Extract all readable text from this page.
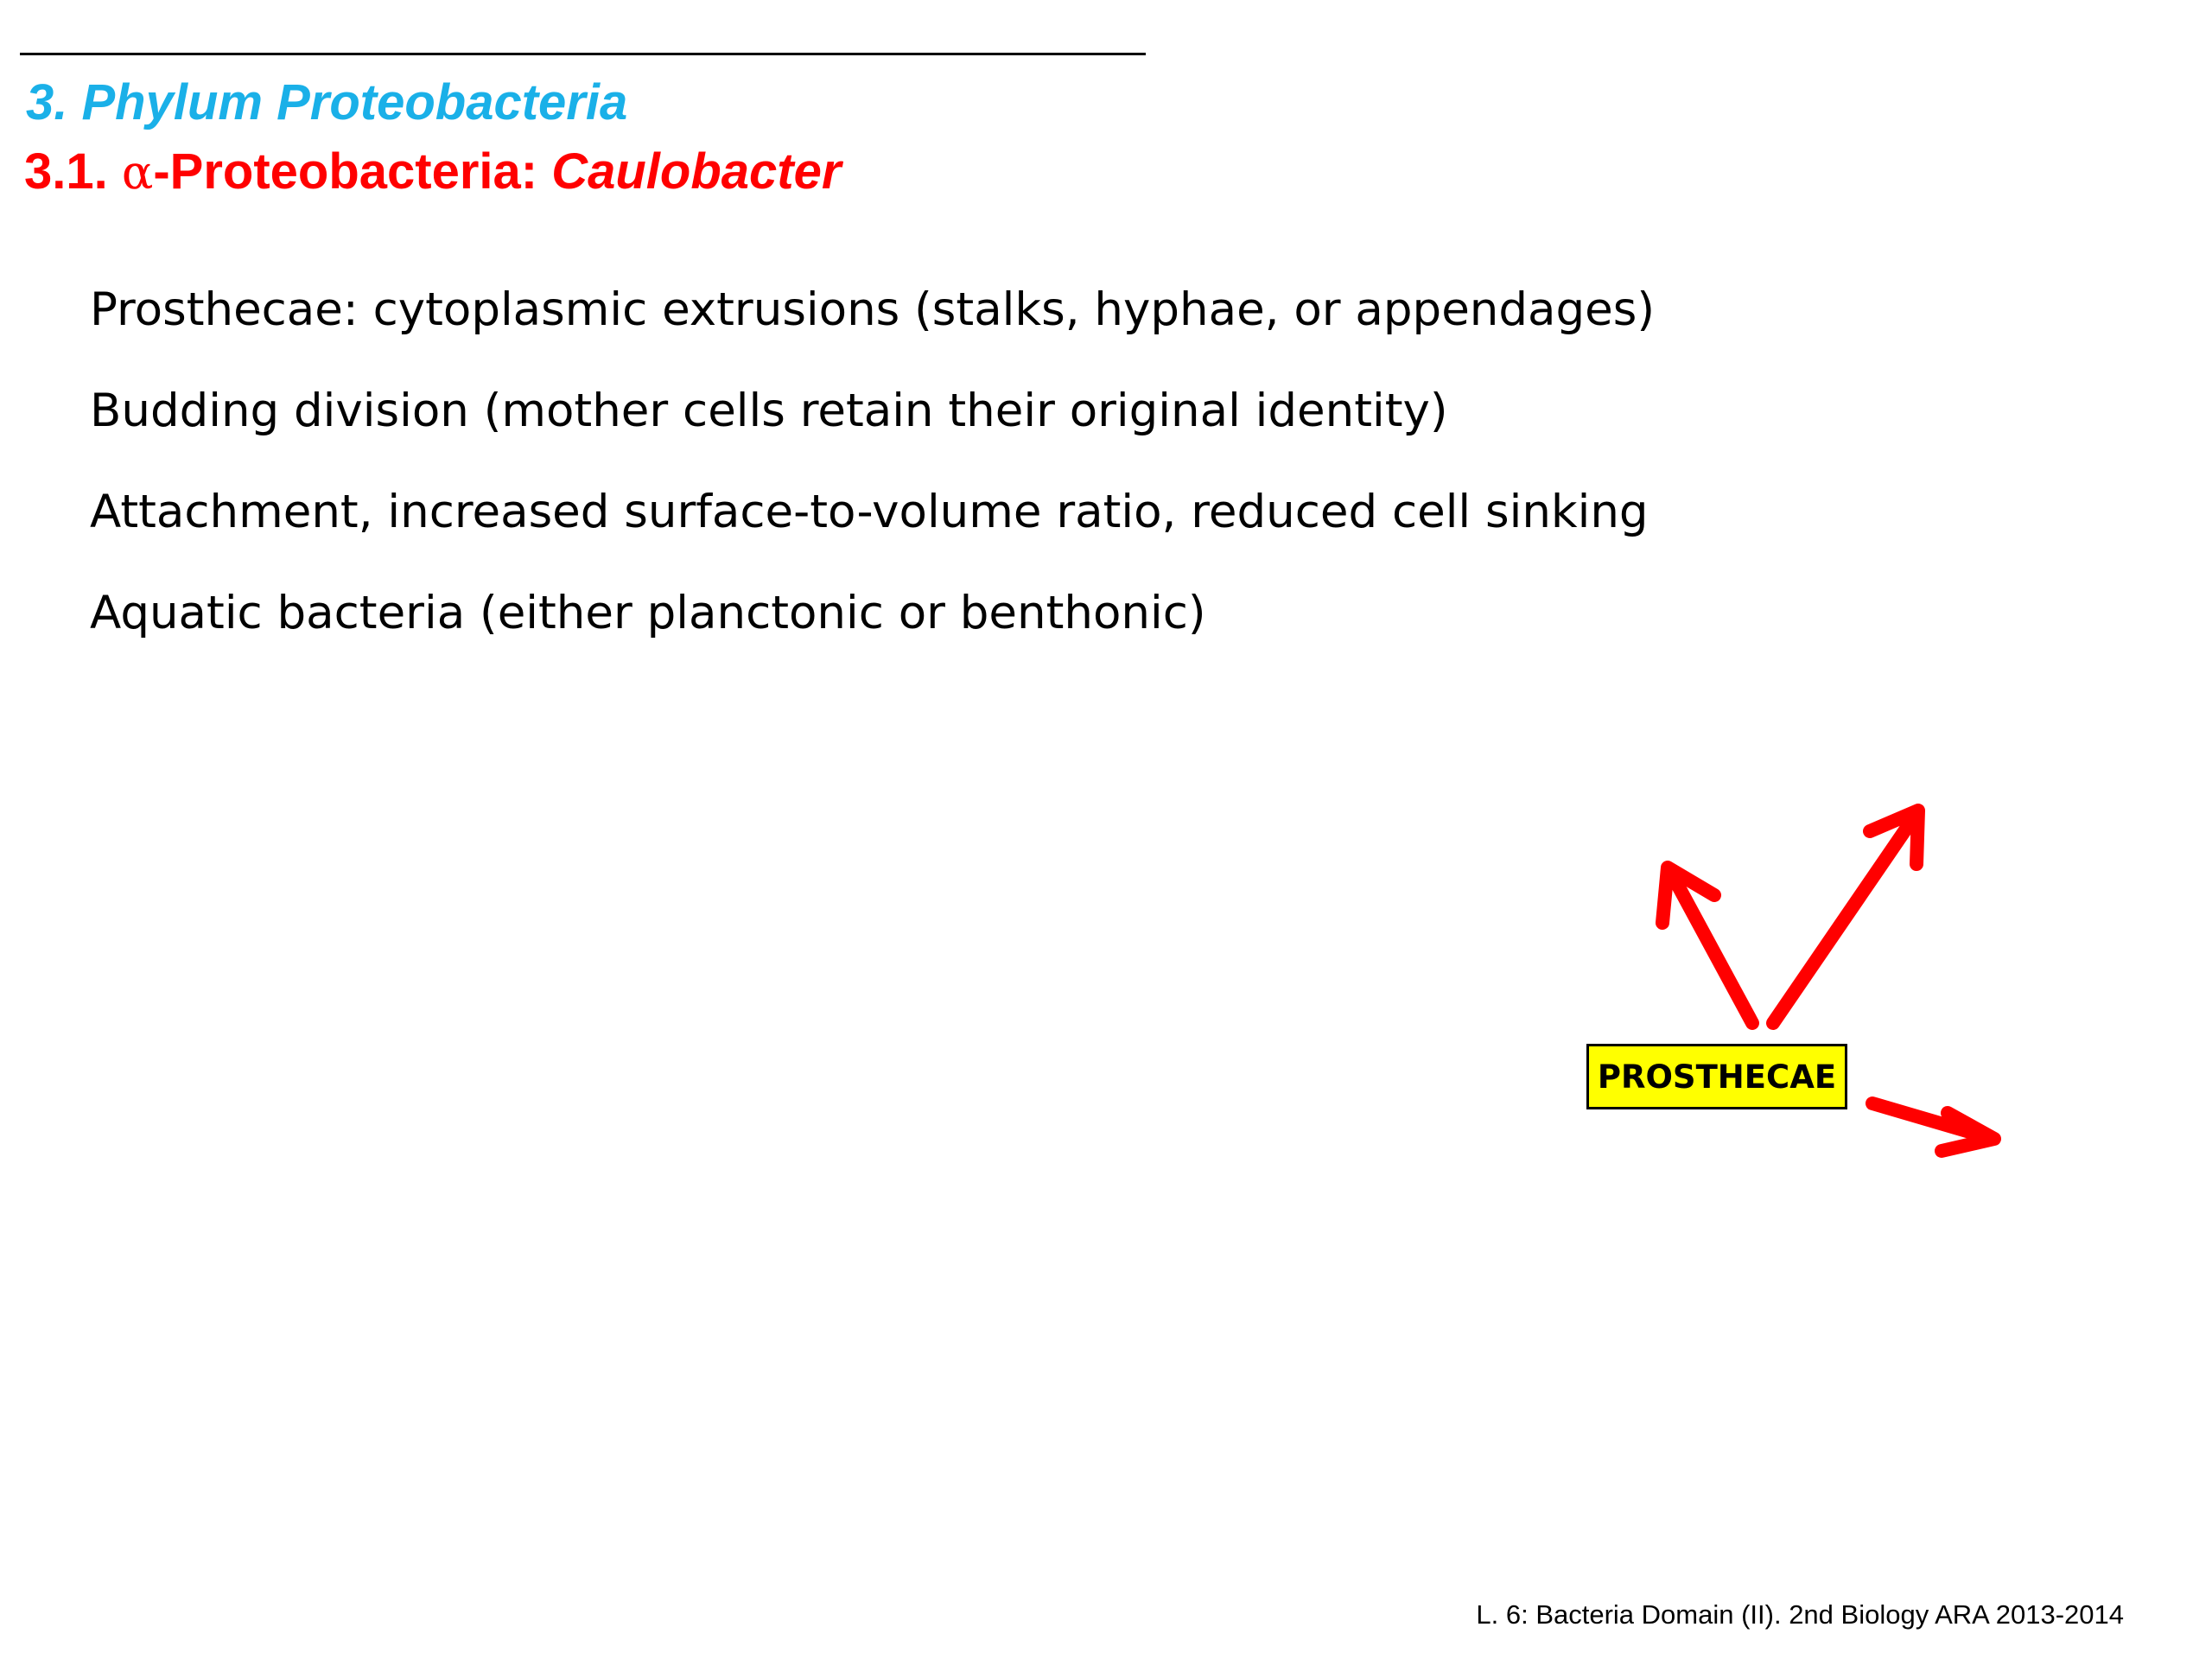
3. Phylum Proteobacteria
3.1. α-Proteobacteria: Caulobacter
Prosthecae: cytoplasmic extrusions (stalks, hyphae, or appendages)
Budding division (mother cells retain their original identity)
Attachment, increased surface-to-volume ratio, reduced cell sinking
Aquatic bacteria (either planctonic or benthonic)
PROSTHECAE

L. 6: Bacteria Domain (II). 2nd Biology ARA 2013-2014
